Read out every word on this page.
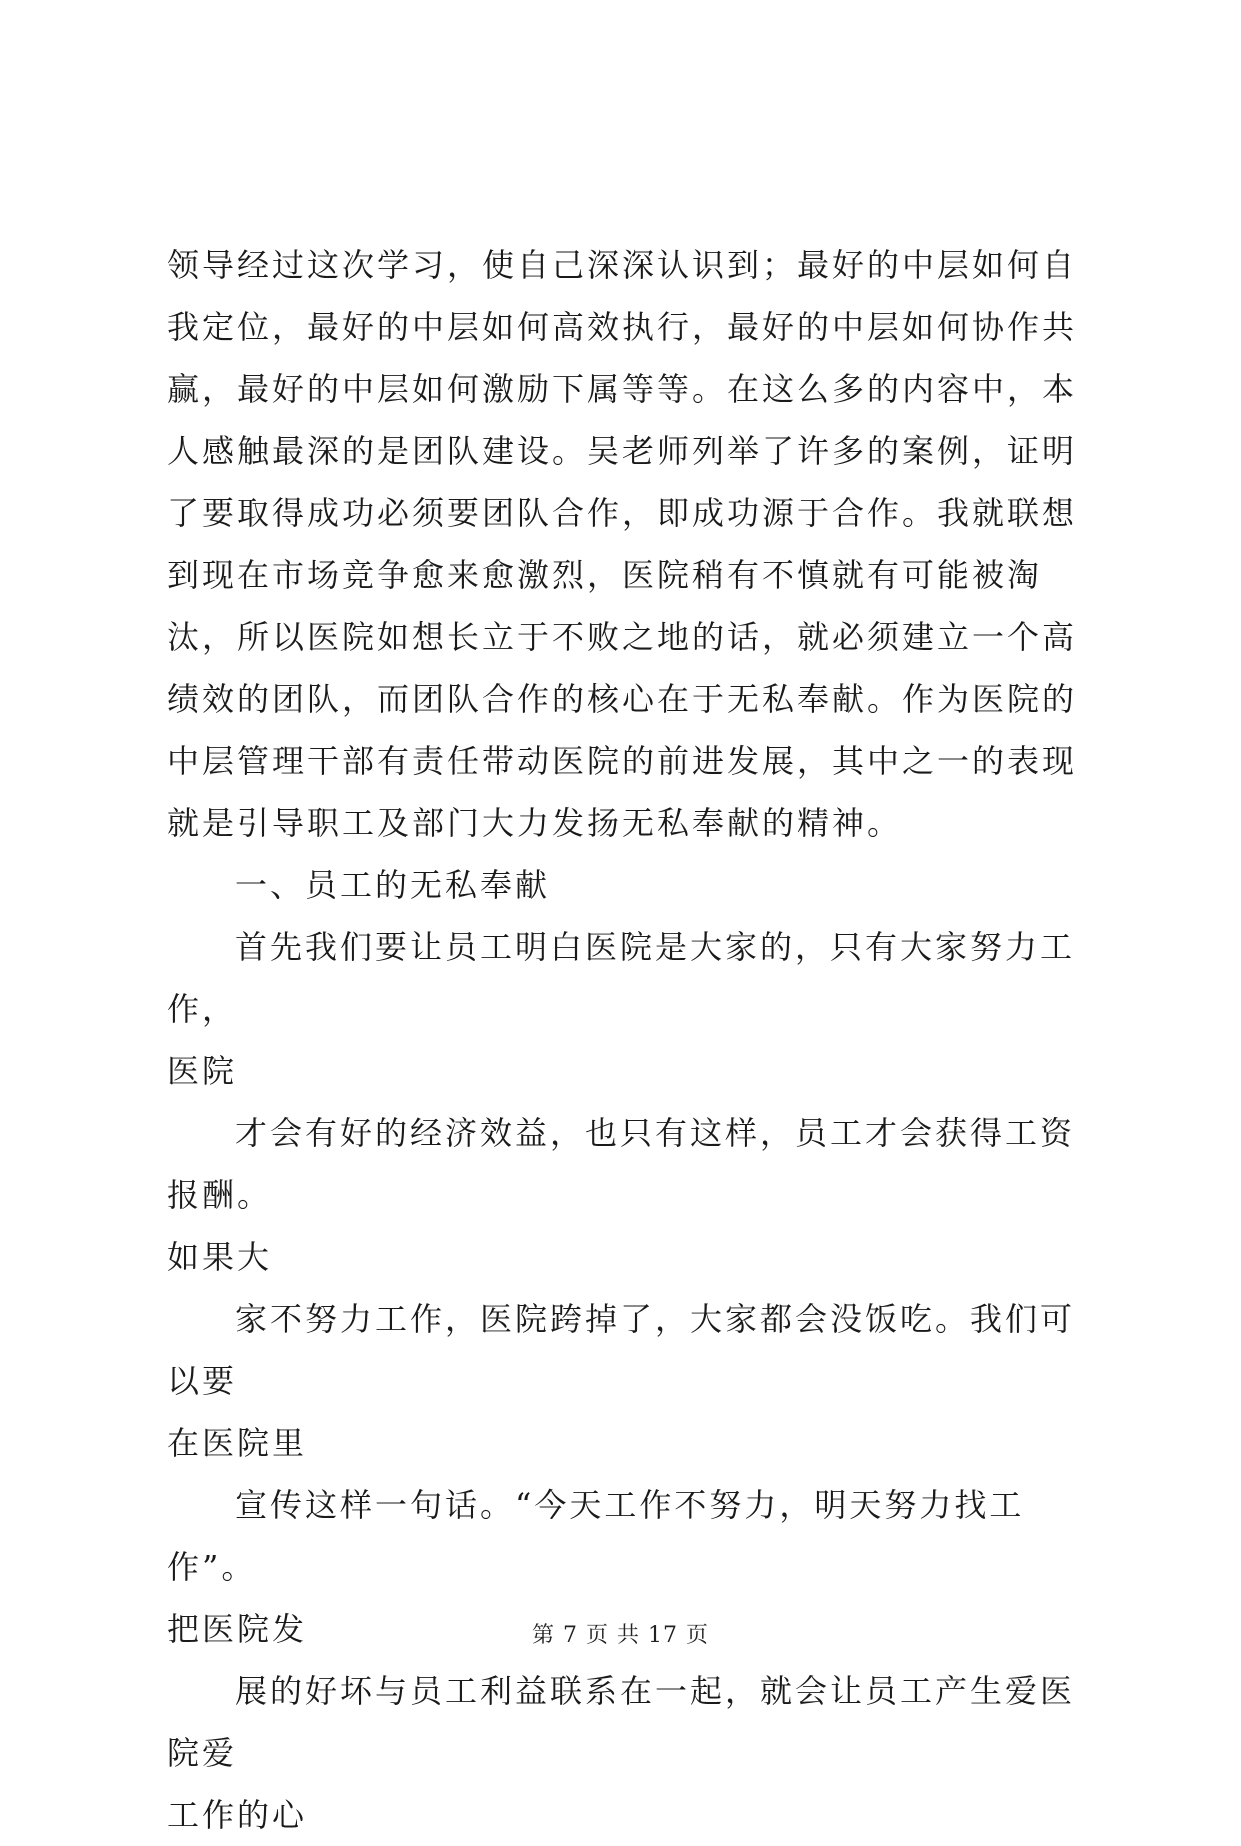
领导经过这次学习，使自己深深认识到；最好的中层如何自我定位，最好的中层如何高效执行，最好的中层如何协作共赢，最好的中层如何激励下属等等。在这么多的内容中，本人感触最深的是团队建设。吴老师列举了许多的案例，证明了要取得成功必须要团队合作，即成功源于合作。我就联想到现在市场竞争愈来愈激烈，医院稍有不慎就有可能被淘汰，所以医院如想长立于不败之地的话，就必须建立一个高绩效的团队，而团队合作的核心在于无私奉献。作为医院的中层管理干部有责任带动医院的前进发展，其中之一的表现就是引导职工及部门大力发扬无私奉献的精神。

一、员工的无私奉献

首先我们要让员工明白医院是大家的，只有大家努力工作，

医院

才会有好的经济效益，也只有这样，员工才会获得工资报酬。

如果大

家不努力工作，医院跨掉了，大家都会没饭吃。我们可以要

在医院里

宣传这样一句话。“今天工作不努力，明天努力找工作”。

把医院发

展的好坏与员工利益联系在一起，就会让员工产生爱医院爱

工作的心

第 7 页 共 17 页
